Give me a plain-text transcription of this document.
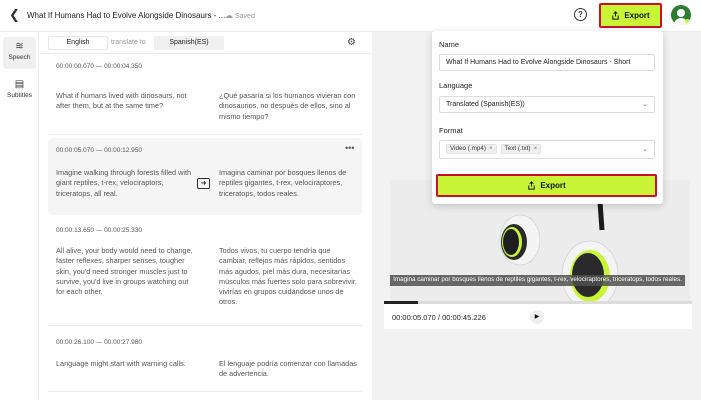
❮ What If Humans Had to Evolve Alongside Dinosaurs - ... ☁ Saved	?	Export
≋
Speech
▤
Subtitles
English	translate to	Spanish(ES)	⚙
00:00:00.070 — 00:00:04.350
What if humans lived with dinosaurs, not after them, but at the same time?
¿Qué pasaría si los humanos vivieran con dinosaurios, no después de ellos, sino al mismo tiempo?
00:00:05.070 — 00:00:12.950	•••
Imagine walking through forests filled with giant reptiles, t-rex, velociraptors, triceratops, all real.
➜
Imagina caminar por bosques llenos de reptiles gigantes, t-rex, velociraptores, triceratops, todos reales.
00:00:13.650 — 00:00:25.330
All alive, your body would need to change, faster reflexes, sharper senses, tougher skin, you'd need stronger muscles just to survive, you'd live in groups watching out for each other.
Todos vivos, tu cuerpo tendría que cambiar, reflejos más rápidos, sentidos más agudos, piel más dura, necesitarías músculos más fuertes solo para sobrevivir, vivirías en grupos cuidándose unos de otros.
00:00:26.100 — 00:00:27.980
Language might start with warning calls.	El lenguaje podría comenzar con llamadas de advertencia.
Imagina caminar por bosques llenos de reptiles gigantes, t-rex, velociraptores, triceratops, todos reales.
00:00:05.070 / 00:00:45.226	▶
Name
What If Humans Had to Evolve Alongside Dinosaurs - Short
Language
Translated (Spanish(ES))	⌄
Format
Video (.mp4) × Text (.txt) ×	⌄
Export
